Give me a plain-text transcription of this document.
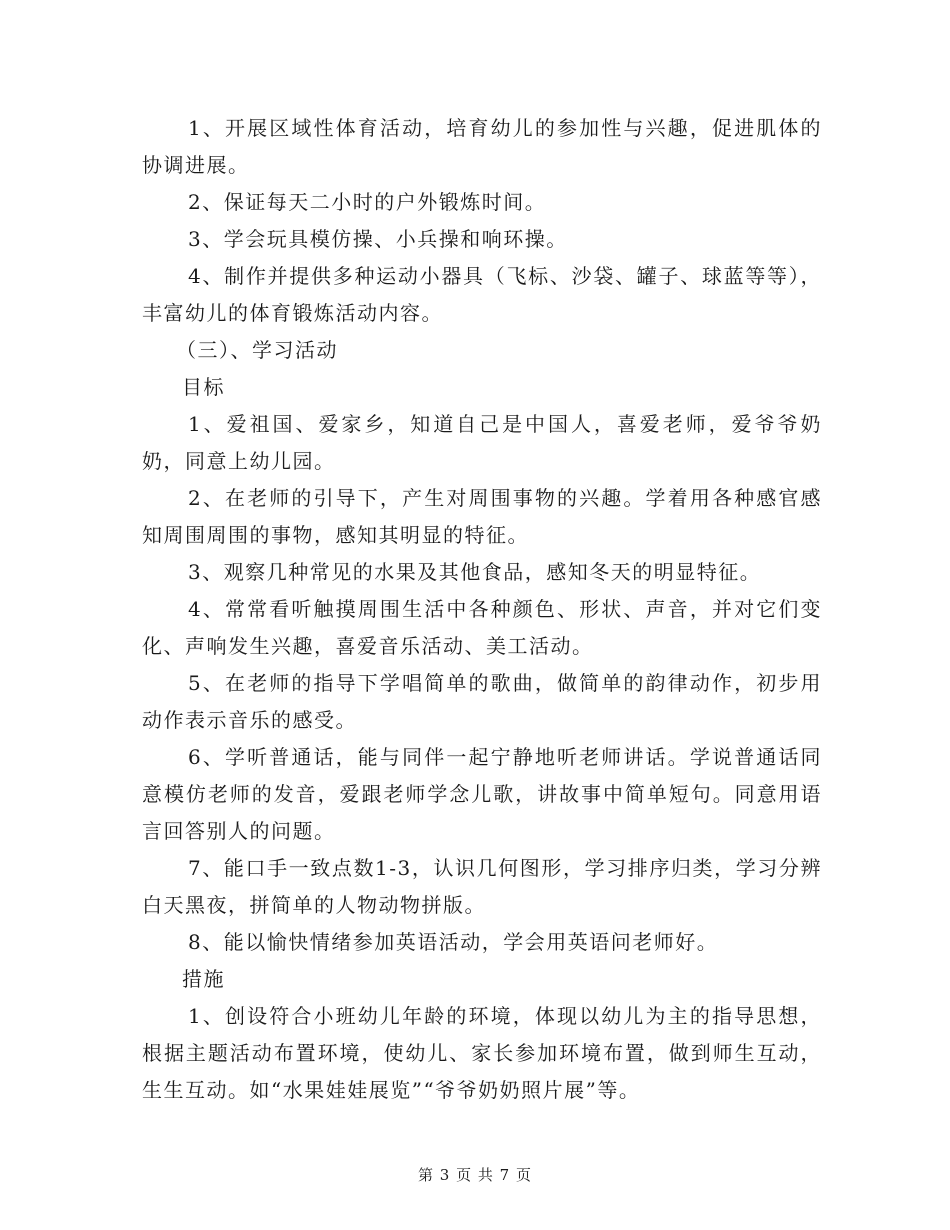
1、开展区域性体育活动，培育幼儿的参加性与兴趣，促进肌体的协调进展。

2、保证每天二小时的户外锻炼时间。

3、学会玩具模仿操、小兵操和响环操。

4、制作并提供多种运动小器具（飞标、沙袋、罐子、球蓝等等），丰富幼儿的体育锻炼活动内容。

（三）、学习活动

目标

1、爱祖国、爱家乡，知道自己是中国人，喜爱老师，爱爷爷奶奶，同意上幼儿园。

2、在老师的引导下，产生对周围事物的兴趣。学着用各种感官感知周围周围的事物，感知其明显的特征。

3、观察几种常见的水果及其他食品，感知冬天的明显特征。

4、常常看听触摸周围生活中各种颜色、形状、声音，并对它们变化、声响发生兴趣，喜爱音乐活动、美工活动。

5、在老师的指导下学唱简单的歌曲，做简单的韵律动作，初步用动作表示音乐的感受。

6、学听普通话，能与同伴一起宁静地听老师讲话。学说普通话同意模仿老师的发音，爱跟老师学念儿歌，讲故事中简单短句。同意用语言回答别人的问题。

7、能口手一致点数1-3，认识几何图形，学习排序归类，学习分辨白天黑夜，拼简单的人物动物拼版。

8、能以愉快情绪参加英语活动，学会用英语问老师好。

措施

1、创设符合小班幼儿年龄的环境，体现以幼儿为主的指导思想，根据主题活动布置环境，使幼儿、家长参加环境布置，做到师生互动，生生互动。如“水果娃娃展览”“爷爷奶奶照片展”等。

第 3 页 共 7 页
